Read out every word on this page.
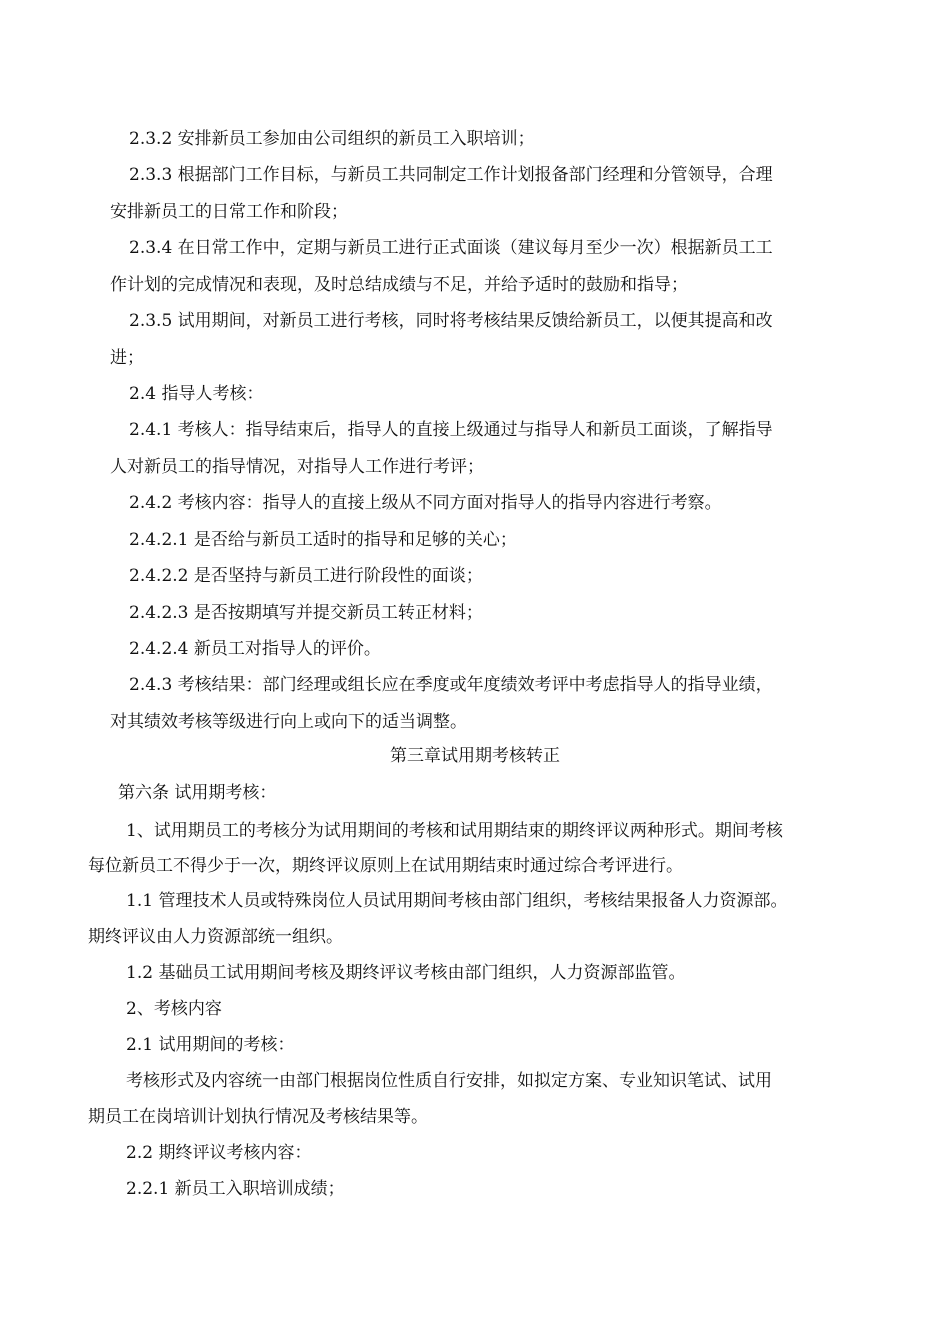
2.3.2 安排新员工参加由公司组织的新员工入职培训；
2.3.3 根据部门工作目标，与新员工共同制定工作计划报备部门经理和分管领导，合理
安排新员工的日常工作和阶段；
2.3.4 在日常工作中，定期与新员工进行正式面谈（建议每月至少一次）根据新员工工
作计划的完成情况和表现，及时总结成绩与不足，并给予适时的鼓励和指导；
2.3.5 试用期间，对新员工进行考核，同时将考核结果反馈给新员工，以便其提高和改
进；
2.4 指导人考核：
2.4.1 考核人：指导结束后，指导人的直接上级通过与指导人和新员工面谈，了解指导
人对新员工的指导情况，对指导人工作进行考评；
2.4.2 考核内容：指导人的直接上级从不同方面对指导人的指导内容进行考察。
2.4.2.1 是否给与新员工适时的指导和足够的关心；
2.4.2.2 是否坚持与新员工进行阶段性的面谈；
2.4.2.3 是否按期填写并提交新员工转正材料；
2.4.2.4 新员工对指导人的评价。
2.4.3 考核结果：部门经理或组长应在季度或年度绩效考评中考虑指导人的指导业绩，
对其绩效考核等级进行向上或向下的适当调整。
第三章试用期考核转正
第六条 试用期考核：
1、试用期员工的考核分为试用期间的考核和试用期结束的期终评议两种形式。期间考核
每位新员工不得少于一次，期终评议原则上在试用期结束时通过综合考评进行。
1.1 管理技术人员或特殊岗位人员试用期间考核由部门组织，考核结果报备人力资源部。
期终评议由人力资源部统一组织。
1.2 基础员工试用期间考核及期终评议考核由部门组织，人力资源部监管。
2、考核内容
2.1 试用期间的考核：
考核形式及内容统一由部门根据岗位性质自行安排，如拟定方案、专业知识笔试、试用
期员工在岗培训计划执行情况及考核结果等。
2.2 期终评议考核内容：
2.2.1 新员工入职培训成绩；
